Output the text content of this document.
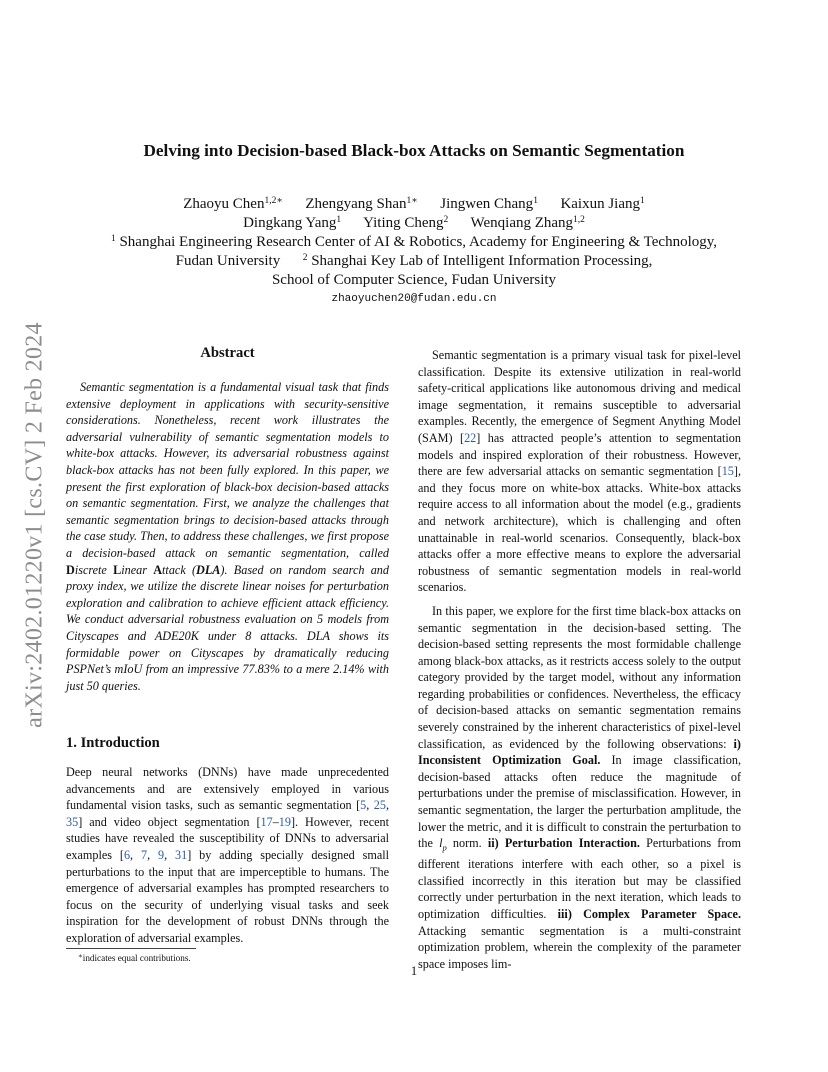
arXiv:2402.01220v1 [cs.CV] 2 Feb 2024
Delving into Decision-based Black-box Attacks on Semantic Segmentation
Zhaoyu Chen$^{1,2∗}$ Zhengyang Shan$^{1∗}$ Jingwen Chang$^1$ Kaixun Jiang$^1$
Dingkang Yang$^1$ Yiting Cheng$^2$ Wenqiang Zhang$^{1,2}$
$^1$ Shanghai Engineering Research Center of AI & Robotics, Academy for Engineering & Technology,
Fudan University $^2$ Shanghai Key Lab of Intelligent Information Processing,
School of Computer Science, Fudan University
zhaoyuchen20@fudan.edu.cn
Abstract

Semantic segmentation is a fundamental visual task that finds extensive deployment in applications with security-sensitive considerations. Nonetheless, recent work illustrates the adversarial vulnerability of semantic segmentation models to white-box attacks. However, its adversarial robustness against black-box attacks has not been fully explored. In this paper, we present the first exploration of black-box decision-based attacks on semantic segmentation. First, we analyze the challenges that semantic segmentation brings to decision-based attacks through the case study. Then, to address these challenges, we first propose a decision-based attack on semantic segmentation, called Discrete Linear Attack (DLA). Based on random search and proxy index, we utilize the discrete linear noises for perturbation exploration and calibration to achieve efficient attack efficiency. We conduct adversarial robustness evaluation on 5 models from Cityscapes and ADE20K under 8 attacks. DLA shows its formidable power on Cityscapes by dramatically reducing PSPNet’s mIoU from an impressive 77.83% to a mere 2.14% with just 50 queries.

1. Introduction

Deep neural networks (DNNs) have made unprecedented advancements and are extensively employed in various fundamental vision tasks, such as semantic segmentation [5, 25, 35] and video object segmentation [17–19]. However, recent studies have revealed the susceptibility of DNNs to adversarial examples [6, 7, 9, 31] by adding specially designed small perturbations to the input that are imperceptible to humans. The emergence of adversarial examples has prompted researchers to focus on the security of underlying visual tasks and seek inspiration for the development of robust DNNs through the exploration of adversarial examples.

∗indicates equal contributions.

Semantic segmentation is a primary visual task for pixel-level classification. Despite its extensive utilization in real-world safety-critical applications like autonomous driving and medical image segmentation, it remains susceptible to adversarial examples. Recently, the emergence of Segment Anything Model (SAM) [22] has attracted people’s attention to segmentation models and inspired exploration of their robustness. However, there are few adversarial attacks on semantic segmentation [15], and they focus more on white-box attacks. White-box attacks require access to all information about the model (e.g., gradients and network architecture), which is challenging and often unattainable in real-world scenarios. Consequently, black-box attacks offer a more effective means to explore the adversarial robustness of semantic segmentation models in real-world scenarios.

In this paper, we explore for the first time black-box attacks on semantic segmentation in the decision-based setting. The decision-based setting represents the most formidable challenge among black-box attacks, as it restricts access solely to the output category provided by the target model, without any information regarding probabilities or confidences. Nevertheless, the efficacy of decision-based attacks on semantic segmentation remains severely constrained by the inherent characteristics of pixel-level classification, as evidenced by the following observations: i) Inconsistent Optimization Goal. In image classification, decision-based attacks often reduce the magnitude of perturbations under the premise of misclassification. However, in semantic segmentation, the larger the perturbation amplitude, the lower the metric, and it is difficult to constrain the perturbation to the $l_p$ norm. ii) Perturbation Interaction. Perturbations from different iterations interfere with each other, so a pixel is classified incorrectly in this iteration but may be classified correctly under perturbation in the next iteration, which leads to optimization difficulties. iii) Complex Parameter Space. Attacking semantic segmentation is a multi-constraint optimization problem, wherein the complexity of the parameter space imposes lim-

1
